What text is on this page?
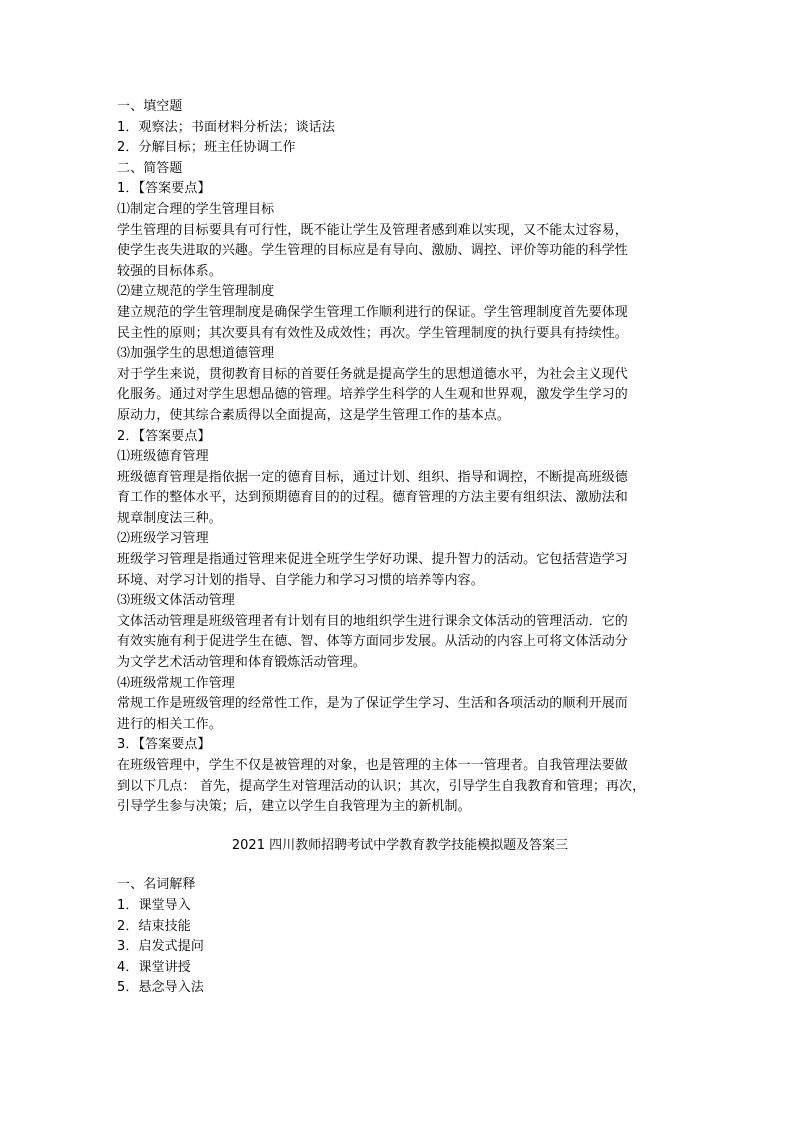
一、填空题

1．观察法；书面材料分析法；谈话法

2．分解目标；班主任协调工作

二、简答题

1．【答案要点】

⑴制定合理的学生管理目标

学生管理的目标要具有可行性，既不能让学生及管理者感到难以实现，又不能太过容易，

使学生丧失进取的兴趣。学生管理的目标应是有导向、激励、调控、评价等功能的科学性

较强的目标体系。

⑵建立规范的学生管理制度

建立规范的学生管理制度是确保学生管理工作顺利进行的保证。学生管理制度首先要体现

民主性的原则；其次要具有有效性及成效性；再次。学生管理制度的执行要具有持续性。

⑶加强学生的思想道德管理

对于学生来说，贯彻教育目标的首要任务就是提高学生的思想道德水平，为社会主义现代

化服务。通过对学生思想品德的管理。培养学生科学的人生观和世界观，激发学生学习的

原动力，使其综合素质得以全面提高，这是学生管理工作的基本点。

2．【答案要点】

⑴班级德育管理

班级德育管理是指依据一定的德育目标，通过计划、组织、指导和调控，不断提高班级德

育工作的整体水平，达到预期德育目的的过程。德育管理的方法主要有组织法、激励法和

规章制度法三种。

⑵班级学习管理

班级学习管理是指通过管理来促进全班学生学好功课、提升智力的活动。它包括营造学习

环境、对学习计划的指导、自学能力和学习习惯的培养等内容。

⑶班级文体活动管理

文体活动管理是班级管理者有计划有目的地组织学生进行课余文体活动的管理活动．它的

有效实施有利于促进学生在德、智、体等方面同步发展。从活动的内容上可将文体活动分

为文学艺术活动管理和体育锻炼活动管理。

⑷班级常规工作管理

常规工作是班级管理的经常性工作，是为了保证学生学习、生活和各项活动的顺利开展而

进行的相关工作。

3．【答案要点】

在班级管理中，学生不仅是被管理的对象，也是管理的主体一一管理者。自我管理法要做

到以下几点： 首先，提高学生对管理活动的认识；其次，引导学生自我教育和管理；再次，

引导学生参与决策；后，建立以学生自我管理为主的新机制。

2021 四川教师招聘考试中学教育教学技能模拟题及答案三

一、名词解释

1．课堂导入

2．结束技能

3．启发式提问

4．课堂讲授

5．悬念导入法
